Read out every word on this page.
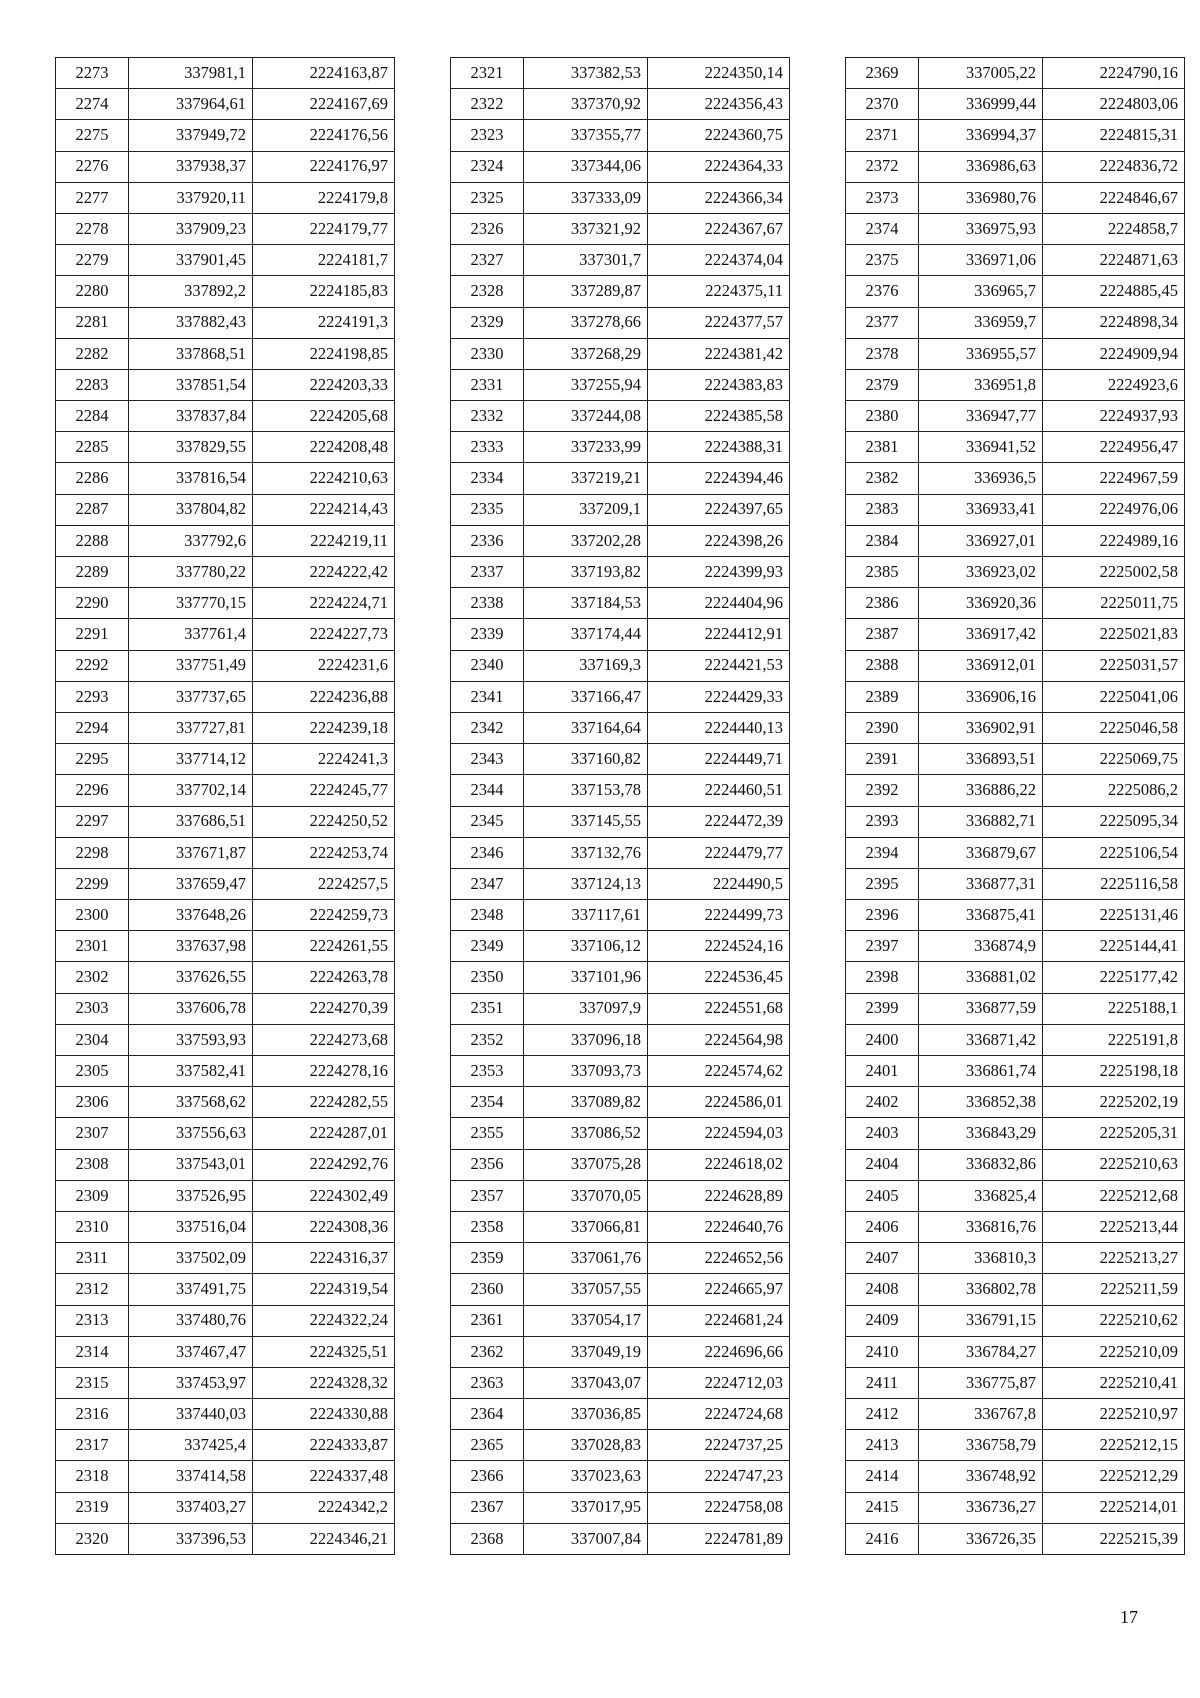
2273	337981,1	2224163,87
2274	337964,61	2224167,69
2275	337949,72	2224176,56
2276	337938,37	2224176,97
2277	337920,11	2224179,8
2278	337909,23	2224179,77
2279	337901,45	2224181,7
2280	337892,2	2224185,83
2281	337882,43	2224191,3
2282	337868,51	2224198,85
2283	337851,54	2224203,33
2284	337837,84	2224205,68
2285	337829,55	2224208,48
2286	337816,54	2224210,63
2287	337804,82	2224214,43
2288	337792,6	2224219,11
2289	337780,22	2224222,42
2290	337770,15	2224224,71
2291	337761,4	2224227,73
2292	337751,49	2224231,6
2293	337737,65	2224236,88
2294	337727,81	2224239,18
2295	337714,12	2224241,3
2296	337702,14	2224245,77
2297	337686,51	2224250,52
2298	337671,87	2224253,74
2299	337659,47	2224257,5
2300	337648,26	2224259,73
2301	337637,98	2224261,55
2302	337626,55	2224263,78
2303	337606,78	2224270,39
2304	337593,93	2224273,68
2305	337582,41	2224278,16
2306	337568,62	2224282,55
2307	337556,63	2224287,01
2308	337543,01	2224292,76
2309	337526,95	2224302,49
2310	337516,04	2224308,36
2311	337502,09	2224316,37
2312	337491,75	2224319,54
2313	337480,76	2224322,24
2314	337467,47	2224325,51
2315	337453,97	2224328,32
2316	337440,03	2224330,88
2317	337425,4	2224333,87
2318	337414,58	2224337,48
2319	337403,27	2224342,2
2320	337396,53	2224346,21
2321	337382,53	2224350,14
2322	337370,92	2224356,43
2323	337355,77	2224360,75
2324	337344,06	2224364,33
2325	337333,09	2224366,34
2326	337321,92	2224367,67
2327	337301,7	2224374,04
2328	337289,87	2224375,11
2329	337278,66	2224377,57
2330	337268,29	2224381,42
2331	337255,94	2224383,83
2332	337244,08	2224385,58
2333	337233,99	2224388,31
2334	337219,21	2224394,46
2335	337209,1	2224397,65
2336	337202,28	2224398,26
2337	337193,82	2224399,93
2338	337184,53	2224404,96
2339	337174,44	2224412,91
2340	337169,3	2224421,53
2341	337166,47	2224429,33
2342	337164,64	2224440,13
2343	337160,82	2224449,71
2344	337153,78	2224460,51
2345	337145,55	2224472,39
2346	337132,76	2224479,77
2347	337124,13	2224490,5
2348	337117,61	2224499,73
2349	337106,12	2224524,16
2350	337101,96	2224536,45
2351	337097,9	2224551,68
2352	337096,18	2224564,98
2353	337093,73	2224574,62
2354	337089,82	2224586,01
2355	337086,52	2224594,03
2356	337075,28	2224618,02
2357	337070,05	2224628,89
2358	337066,81	2224640,76
2359	337061,76	2224652,56
2360	337057,55	2224665,97
2361	337054,17	2224681,24
2362	337049,19	2224696,66
2363	337043,07	2224712,03
2364	337036,85	2224724,68
2365	337028,83	2224737,25
2366	337023,63	2224747,23
2367	337017,95	2224758,08
2368	337007,84	2224781,89
2369	337005,22	2224790,16
2370	336999,44	2224803,06
2371	336994,37	2224815,31
2372	336986,63	2224836,72
2373	336980,76	2224846,67
2374	336975,93	2224858,7
2375	336971,06	2224871,63
2376	336965,7	2224885,45
2377	336959,7	2224898,34
2378	336955,57	2224909,94
2379	336951,8	2224923,6
2380	336947,77	2224937,93
2381	336941,52	2224956,47
2382	336936,5	2224967,59
2383	336933,41	2224976,06
2384	336927,01	2224989,16
2385	336923,02	2225002,58
2386	336920,36	2225011,75
2387	336917,42	2225021,83
2388	336912,01	2225031,57
2389	336906,16	2225041,06
2390	336902,91	2225046,58
2391	336893,51	2225069,75
2392	336886,22	2225086,2
2393	336882,71	2225095,34
2394	336879,67	2225106,54
2395	336877,31	2225116,58
2396	336875,41	2225131,46
2397	336874,9	2225144,41
2398	336881,02	2225177,42
2399	336877,59	2225188,1
2400	336871,42	2225191,8
2401	336861,74	2225198,18
2402	336852,38	2225202,19
2403	336843,29	2225205,31
2404	336832,86	2225210,63
2405	336825,4	2225212,68
2406	336816,76	2225213,44
2407	336810,3	2225213,27
2408	336802,78	2225211,59
2409	336791,15	2225210,62
2410	336784,27	2225210,09
2411	336775,87	2225210,41
2412	336767,8	2225210,97
2413	336758,79	2225212,15
2414	336748,92	2225212,29
2415	336736,27	2225214,01
2416	336726,35	2225215,39
17
